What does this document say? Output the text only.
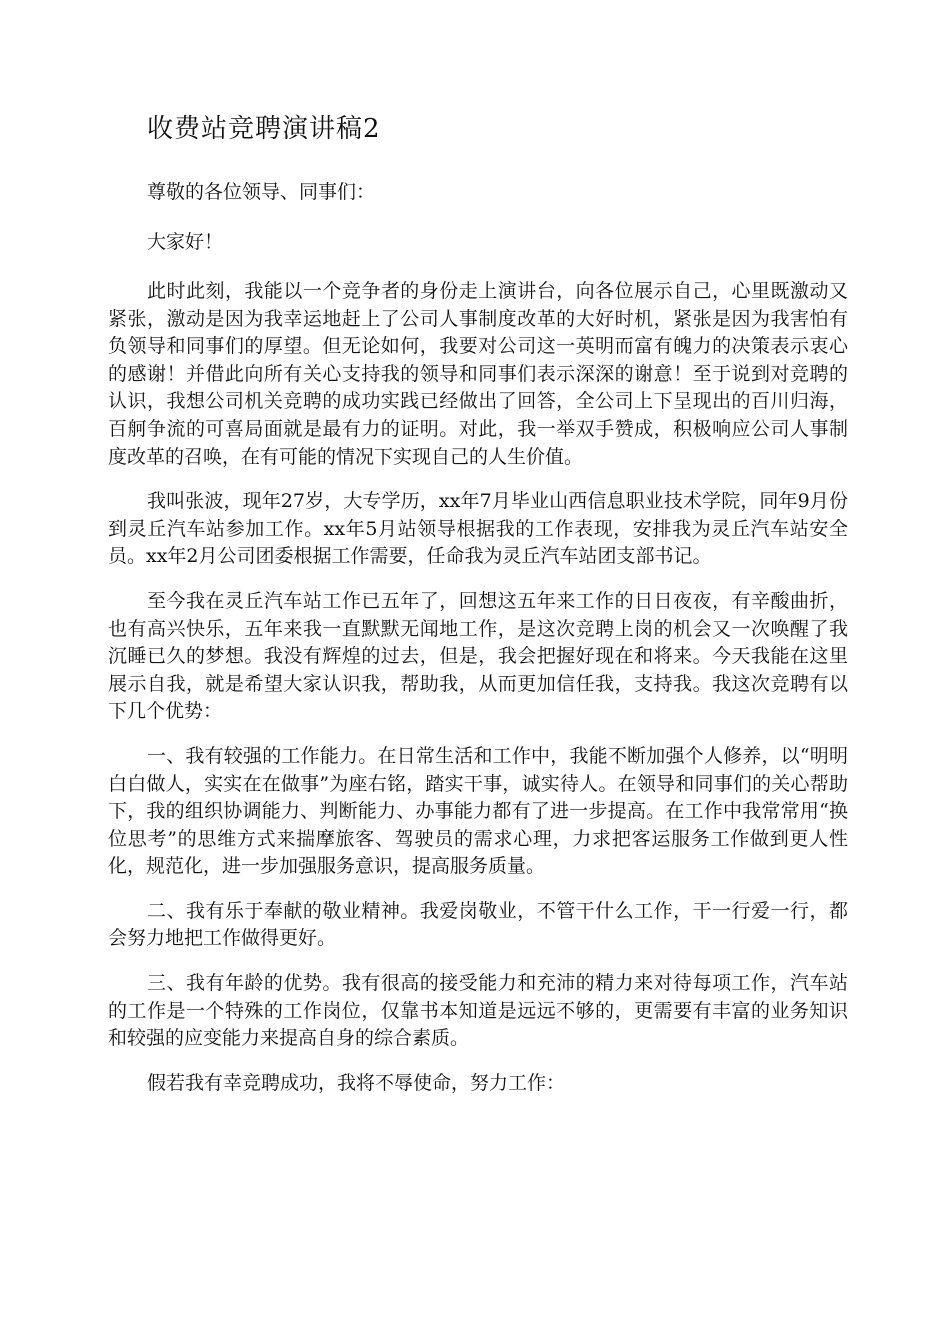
收费站竞聘演讲稿2

尊敬的各位领导、同事们：

大家好！

此时此刻，我能以一个竞争者的身份走上演讲台，向各位展示自己，心里既激动又紧张，激动是因为我幸运地赶上了公司人事制度改革的大好时机，紧张是因为我害怕有负领导和同事们的厚望。但无论如何，我要对公司这一英明而富有魄力的决策表示衷心的感谢！并借此向所有关心支持我的领导和同事们表示深深的谢意！至于说到对竞聘的认识，我想公司机关竞聘的成功实践已经做出了回答，全公司上下呈现出的百川归海，百舸争流的可喜局面就是最有力的证明。对此，我一举双手赞成，积极响应公司人事制度改革的召唤，在有可能的情况下实现自己的人生价值。

我叫张波，现年27岁，大专学历，xx年7月毕业山西信息职业技术学院，同年9月份到灵丘汽车站参加工作。xx年5月站领导根据我的工作表现，安排我为灵丘汽车站安全员。xx年2月公司团委根据工作需要，任命我为灵丘汽车站团支部书记。

至今我在灵丘汽车站工作已五年了，回想这五年来工作的日日夜夜，有辛酸曲折，也有高兴快乐，五年来我一直默默无闻地工作，是这次竞聘上岗的机会又一次唤醒了我沉睡已久的梦想。我没有辉煌的过去，但是，我会把握好现在和将来。今天我能在这里展示自我，就是希望大家认识我，帮助我，从而更加信任我，支持我。我这次竞聘有以下几个优势：

一、我有较强的工作能力。在日常生活和工作中，我能不断加强个人修养，以“明明白白做人，实实在在做事”为座右铭，踏实干事，诚实待人。在领导和同事们的关心帮助下，我的组织协调能力、判断能力、办事能力都有了进一步提高。在工作中我常常用“换位思考”的思维方式来揣摩旅客、驾驶员的需求心理，力求把客运服务工作做到更人性化，规范化，进一步加强服务意识，提高服务质量。

二、我有乐于奉献的敬业精神。我爱岗敬业，不管干什么工作，干一行爱一行，都会努力地把工作做得更好。

三、我有年龄的优势。我有很高的接受能力和充沛的精力来对待每项工作，汽车站的工作是一个特殊的工作岗位，仅靠书本知道是远远不够的，更需要有丰富的业务知识和较强的应变能力来提高自身的综合素质。

假若我有幸竞聘成功，我将不辱使命，努力工作：
